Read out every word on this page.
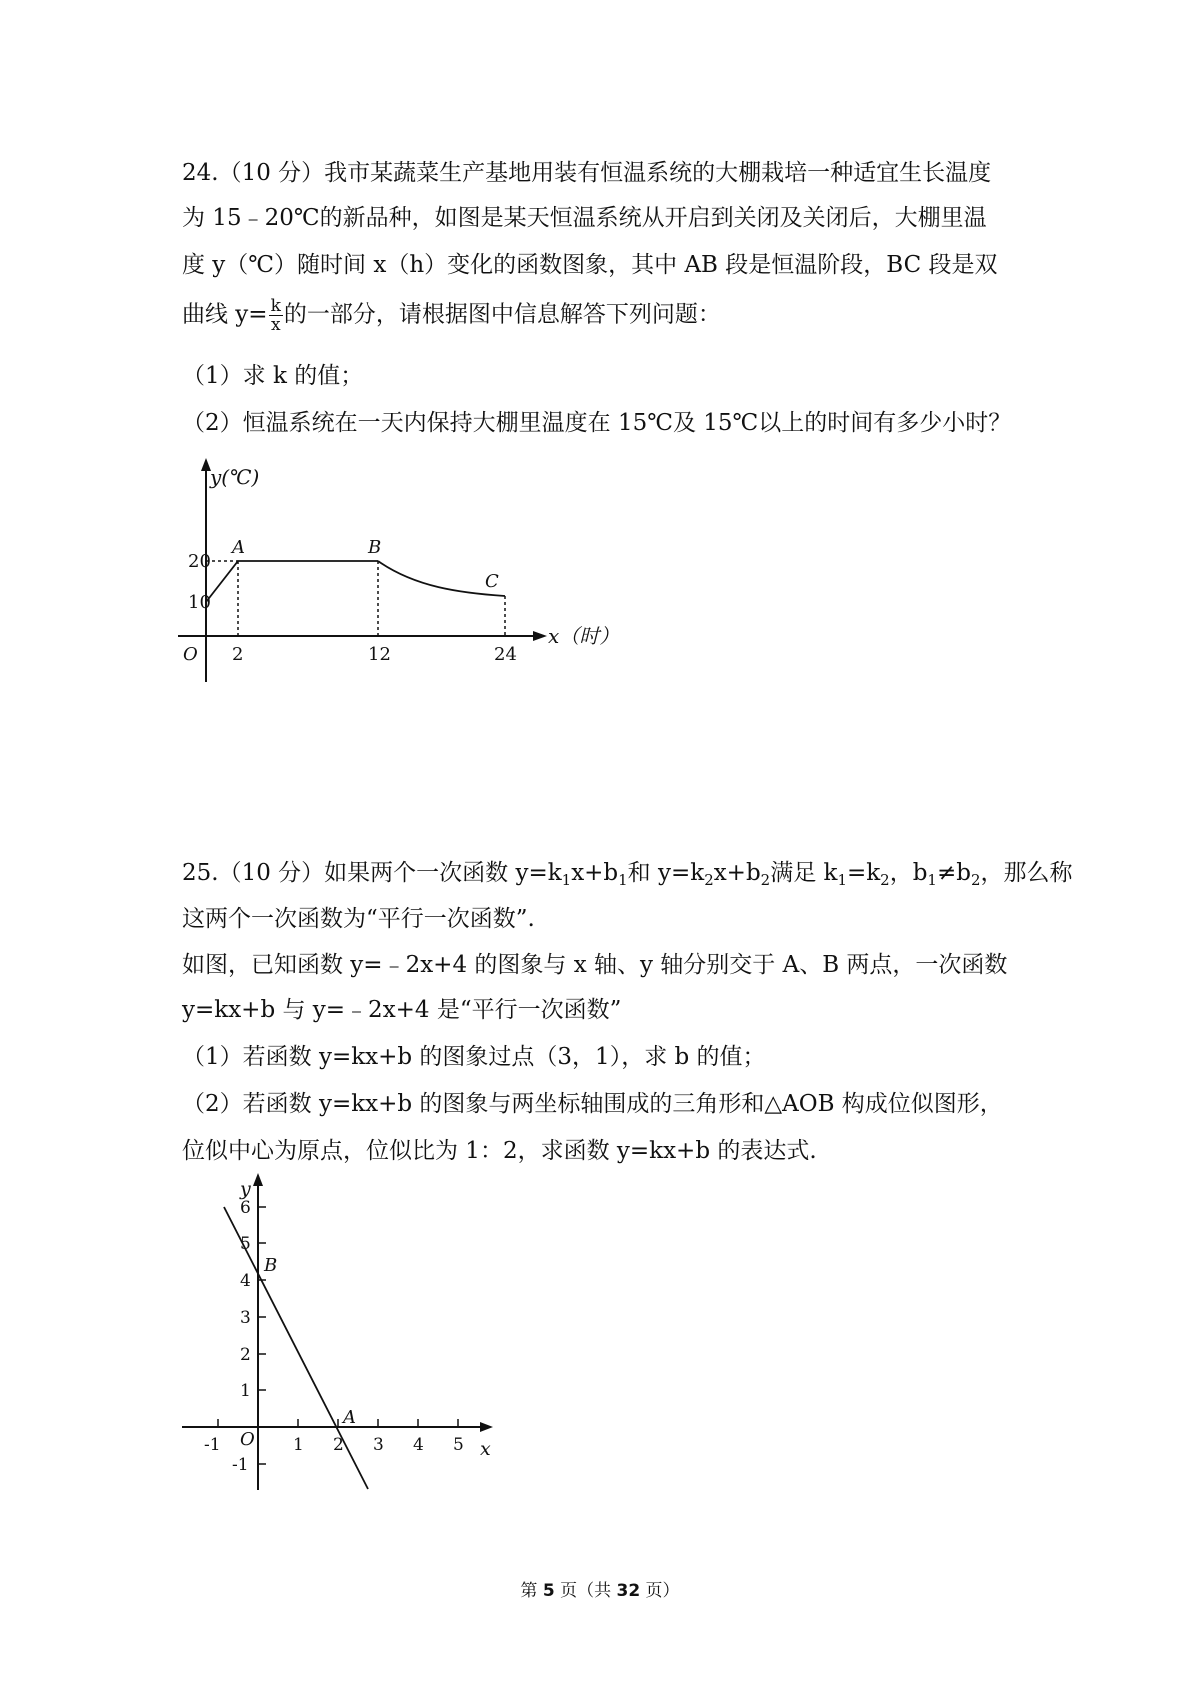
24.（10 分）我市某蔬菜生产基地用装有恒温系统的大棚栽培一种适宜生长温度
为 15﹣20℃的新品种，如图是某天恒温系统从开启到关闭及关闭后，大棚里温
度 y（℃）随时间 x（h）变化的函数图象，其中 AB 段是恒温阶段，BC 段是双
曲线 $y= \frac{k}{x}$ 的一部分，请根据图中信息解答下列问题：
（1）求 k 的值；
（2）恒温系统在一天内保持大棚里温度在 15℃及 15℃以上的时间有多少小时？
y(℃)
x（时）
20
10
O 2	12	24
A	B
C
25.（10 分）如果两个一次函数 $y=k_1x+b_1$和 $y=k_2x+b_2$满足 $k_1=k_2$，$b_1\ne b_2$，那么称
这两个一次函数为“平行一次函数”.
如图，已知函数 y=﹣2x+4 的图象与 x 轴、y 轴分别交于 A、B 两点，一次函数
y=kx+b 与 y=﹣2x+4 是“平行一次函数”
（1）若函数 y=kx+b 的图象过点（3，1），求 b 的值；
（2）若函数 y=kx+b 的图象与两坐标轴围成的三角形和△AOB 构成位似图形，
位似中心为原点，位似比为 1：2，求函数 y=kx+b 的表达式.
y
x
6
5
4
3
2
1
-1
-1 O 1 2 3 4 5
B
A
第 5 页（共 32 页）
